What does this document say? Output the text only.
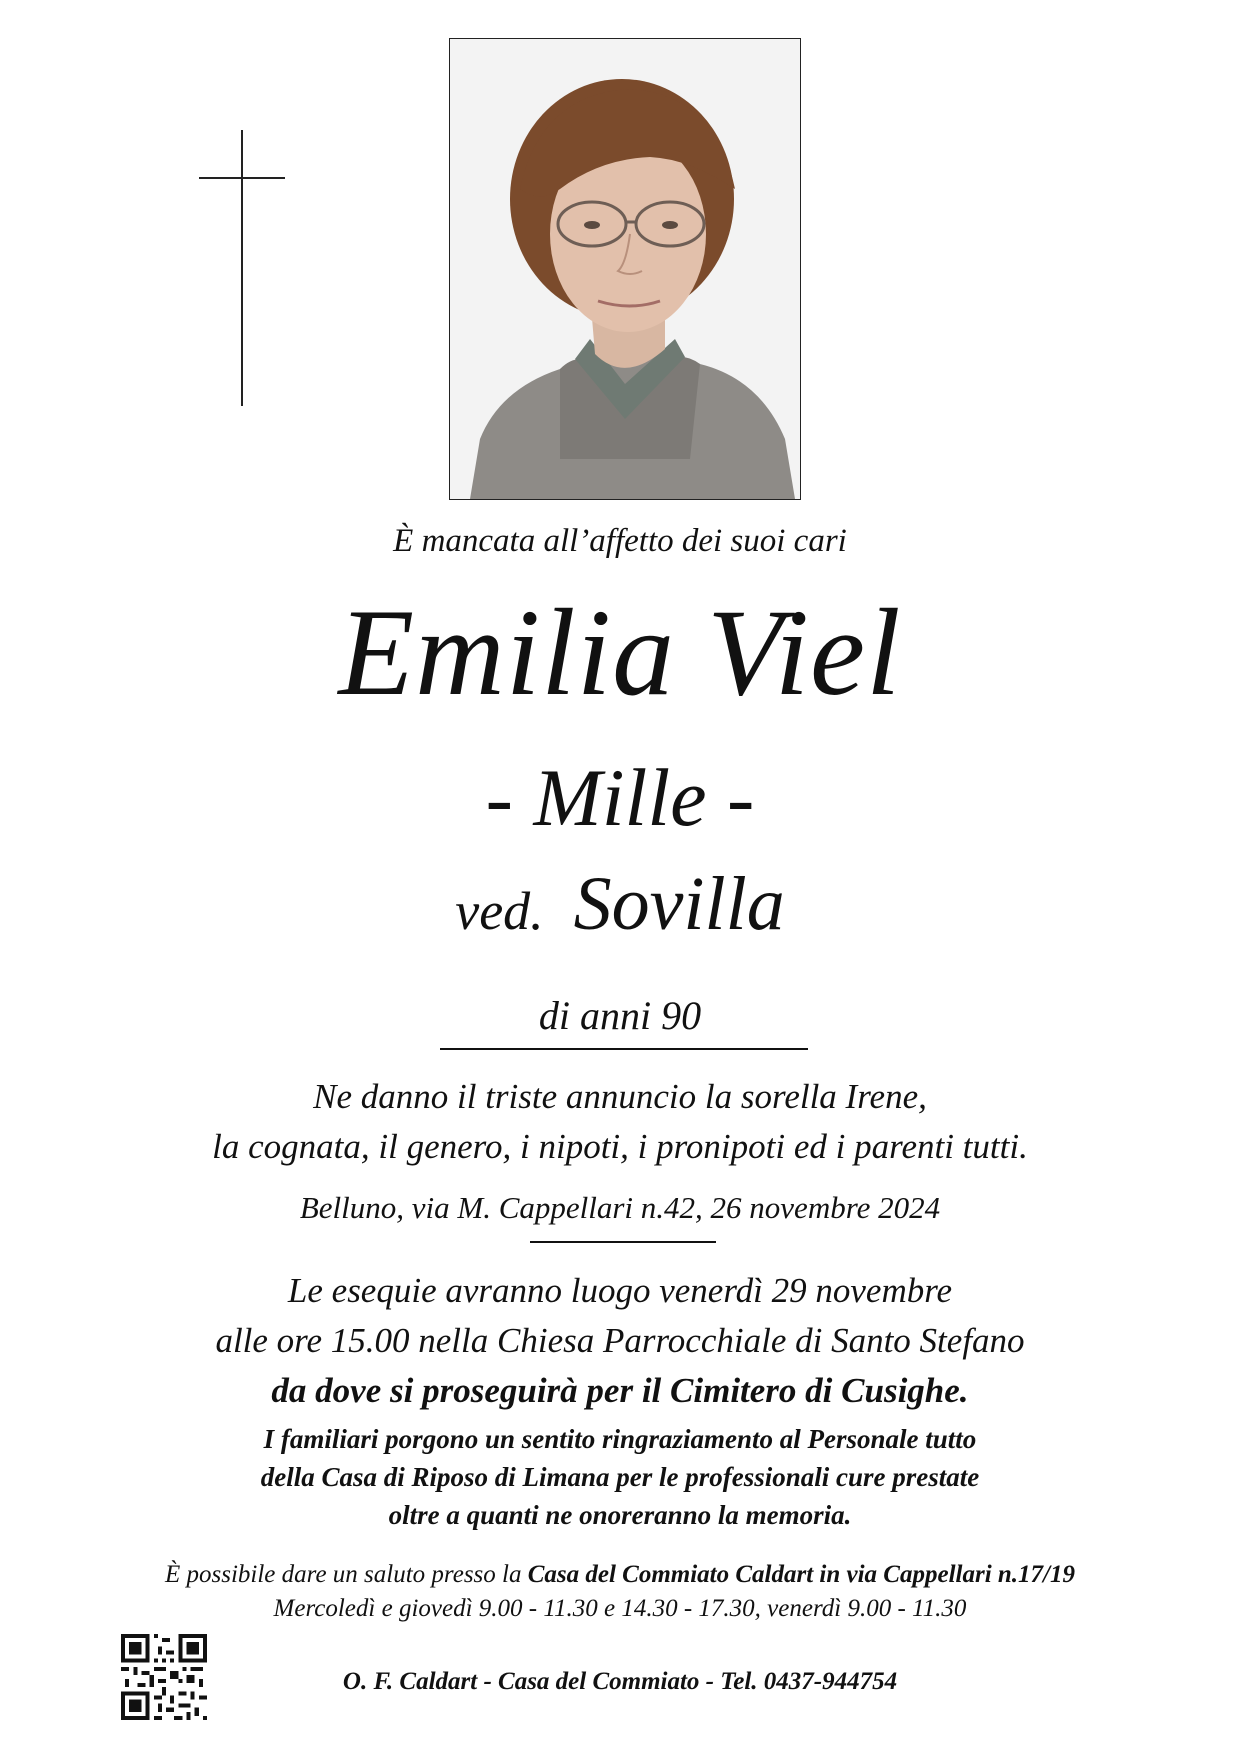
È mancata all’affetto dei suoi cari
Emilia Viel
- Mille -
ved. Sovilla
di anni 90
Ne danno il triste annuncio la sorella Irene,
la cognata, il genero, i nipoti, i pronipoti ed i parenti tutti.
Belluno, via M. Cappellari n.42, 26 novembre 2024
Le esequie avranno luogo venerdì 29 novembre
alle ore 15.00 nella Chiesa Parrocchiale di Santo Stefano
da dove si proseguirà per il Cimitero di Cusighe.
I familiari porgono un sentito ringraziamento al Personale tutto
della Casa di Riposo di Limana per le professionali cure prestate
oltre a quanti ne onoreranno la memoria.
È possibile dare un saluto presso la Casa del Commiato Caldart in via Cappellari n.17/19
Mercoledì e giovedì 9.00 - 11.30 e 14.30 - 17.30, venerdì 9.00 - 11.30
O. F. Caldart - Casa del Commiato - Tel. 0437-944754
